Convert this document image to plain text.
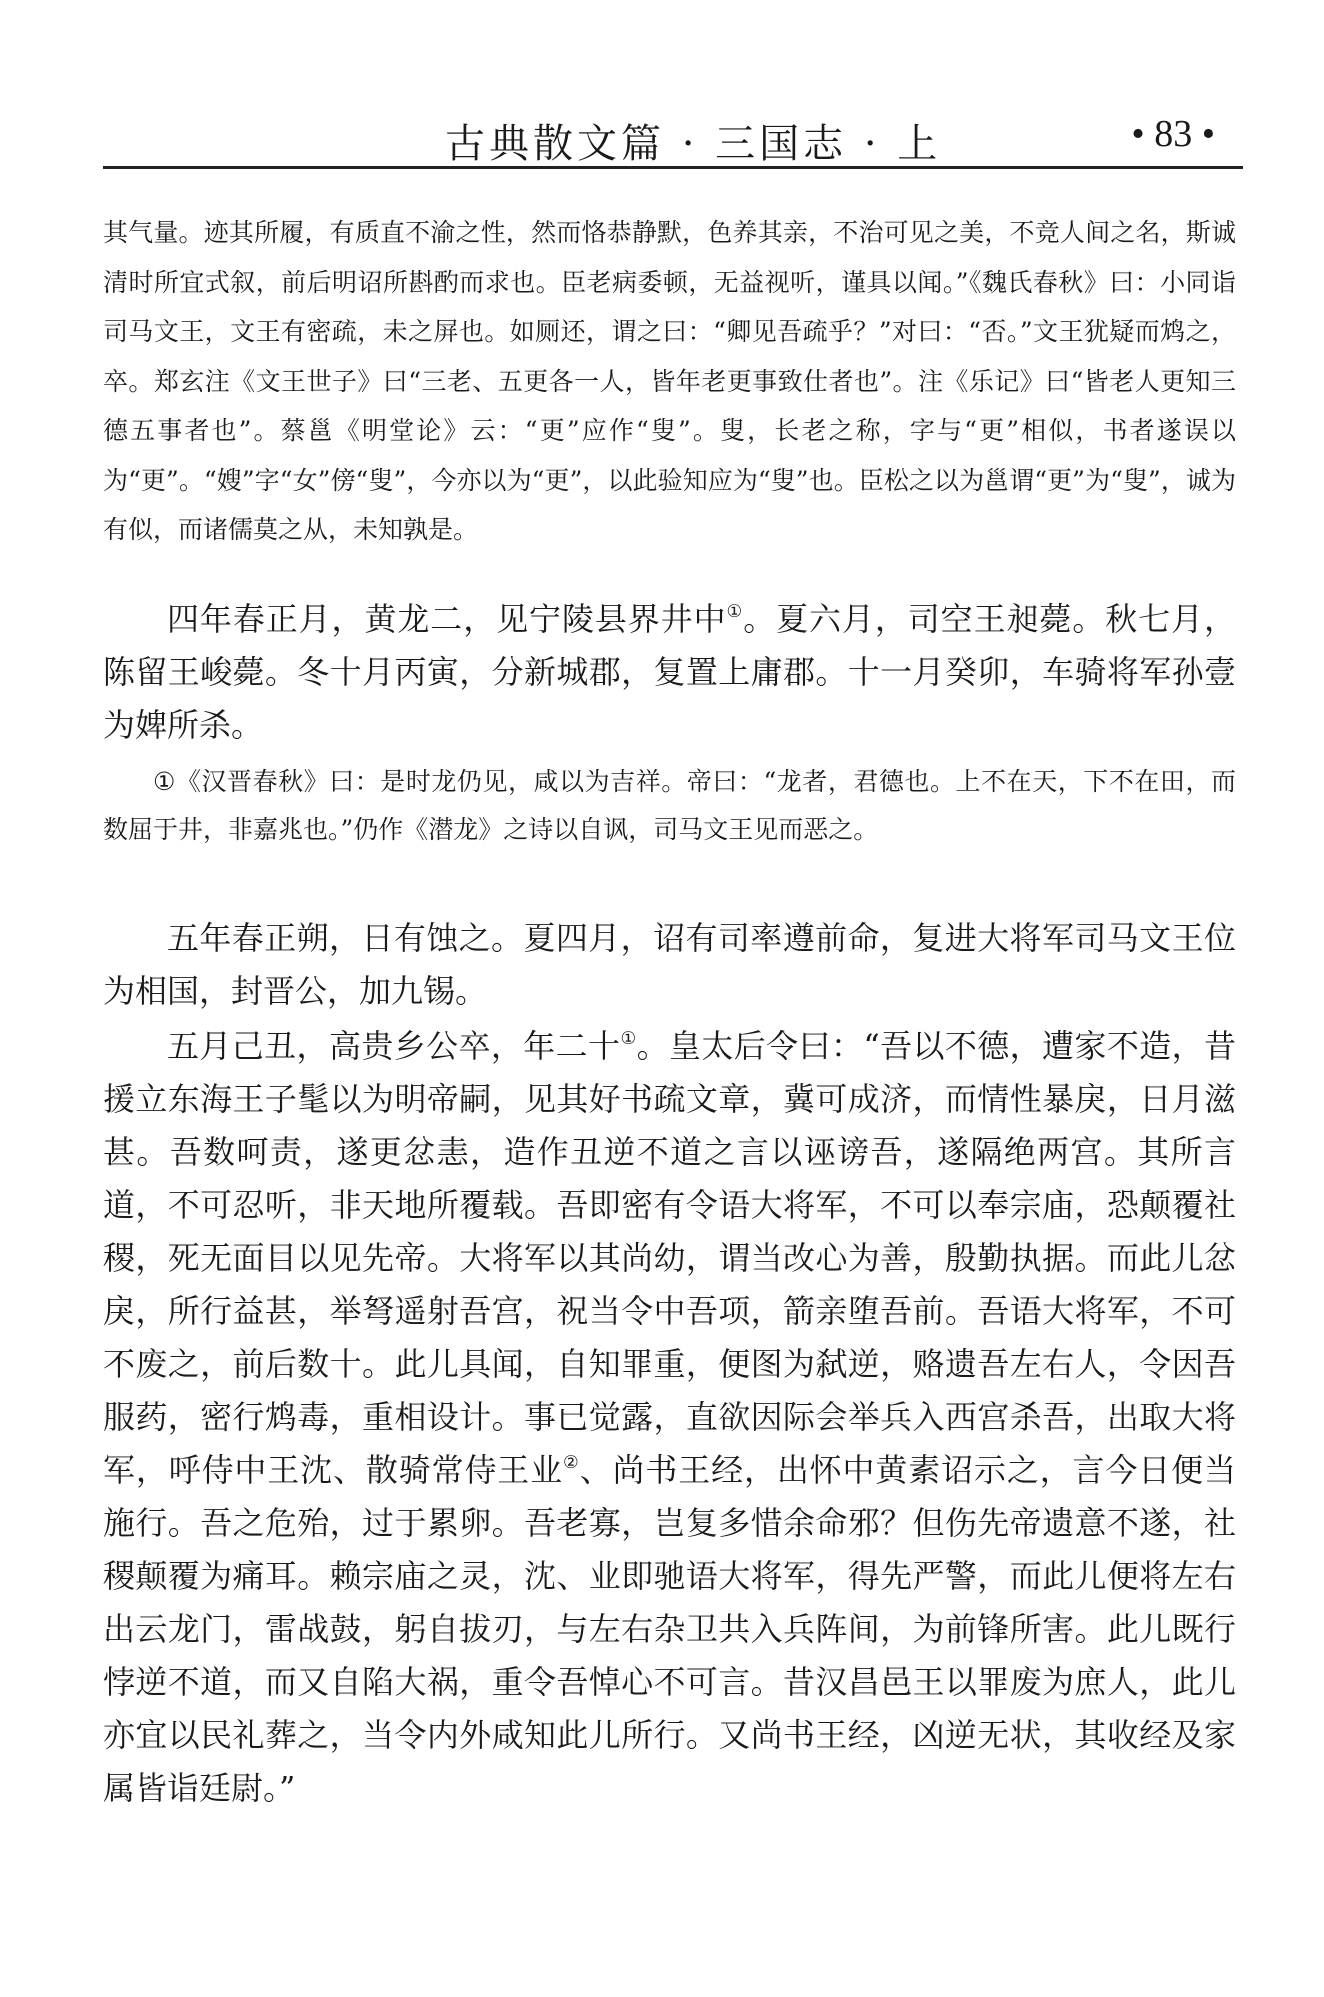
古典散文篇 · 三国志 · 上	• 83 •

其气量。迹其所履，有质直不渝之性，然而恪恭静默，色养其亲，不治可见之美，不竞人间之名，斯诚清时所宜式叙，前后明诏所斟酌而求也。臣老病委顿，无益视听，谨具以闻。”《魏氏春秋》曰：小同诣司马文王，文王有密疏，未之屏也。如厕还，谓之曰：“卿见吾疏乎？”对曰：“否。”文王犹疑而鸩之，卒。郑玄注《文王世子》曰“三老、五更各一人，皆年老更事致仕者也”。注《乐记》曰“皆老人更知三德五事者也”。蔡邕《明堂论》云：“更”应作“叟”。叟，长老之称，字与“更”相似，书者遂误以为“更”。“嫂”字“女”傍“叟”，今亦以为“更”，以此验知应为“叟”也。臣松之以为邕谓“更”为“叟”，诚为有似，而诸儒莫之从，未知孰是。

四年春正月，黄龙二，见宁陵县界井中①。夏六月，司空王昶薨。秋七月，陈留王峻薨。冬十月丙寅，分新城郡，复置上庸郡。十一月癸卯，车骑将军孙壹为婢所杀。

①《汉晋春秋》曰：是时龙仍见，咸以为吉祥。帝曰：“龙者，君德也。上不在天，下不在田，而数屈于井，非嘉兆也。”仍作《潜龙》之诗以自讽，司马文王见而恶之。

五年春正朔，日有蚀之。夏四月，诏有司率遵前命，复进大将军司马文王位为相国，封晋公，加九锡。

五月己丑，高贵乡公卒，年二十①。皇太后令曰：“吾以不德，遭家不造，昔援立东海王子髦以为明帝嗣，见其好书疏文章，冀可成济，而情性暴戾，日月滋甚。吾数呵责，遂更忿恚，造作丑逆不道之言以诬谤吾，遂隔绝两宫。其所言道，不可忍听，非天地所覆载。吾即密有令语大将军，不可以奉宗庙，恐颠覆社稷，死无面目以见先帝。大将军以其尚幼，谓当改心为善，殷勤执据。而此儿忿戾，所行益甚，举弩遥射吾宫，祝当令中吾项，箭亲堕吾前。吾语大将军，不可不废之，前后数十。此儿具闻，自知罪重，便图为弑逆，赂遗吾左右人，令因吾服药，密行鸩毒，重相设计。事已觉露，直欲因际会举兵入西宫杀吾，出取大将军，呼侍中王沈、散骑常侍王业②、尚书王经，出怀中黄素诏示之，言今日便当施行。吾之危殆，过于累卵。吾老寡，岂复多惜余命邪？但伤先帝遗意不遂，社稷颠覆为痛耳。赖宗庙之灵，沈、业即驰语大将军，得先严警，而此儿便将左右出云龙门，雷战鼓，躬自拔刃，与左右杂卫共入兵阵间，为前锋所害。此儿既行悖逆不道，而又自陷大祸，重令吾悼心不可言。昔汉昌邑王以罪废为庶人，此儿亦宜以民礼葬之，当令内外咸知此儿所行。又尚书王经，凶逆无状，其收经及家属皆诣廷尉。”
